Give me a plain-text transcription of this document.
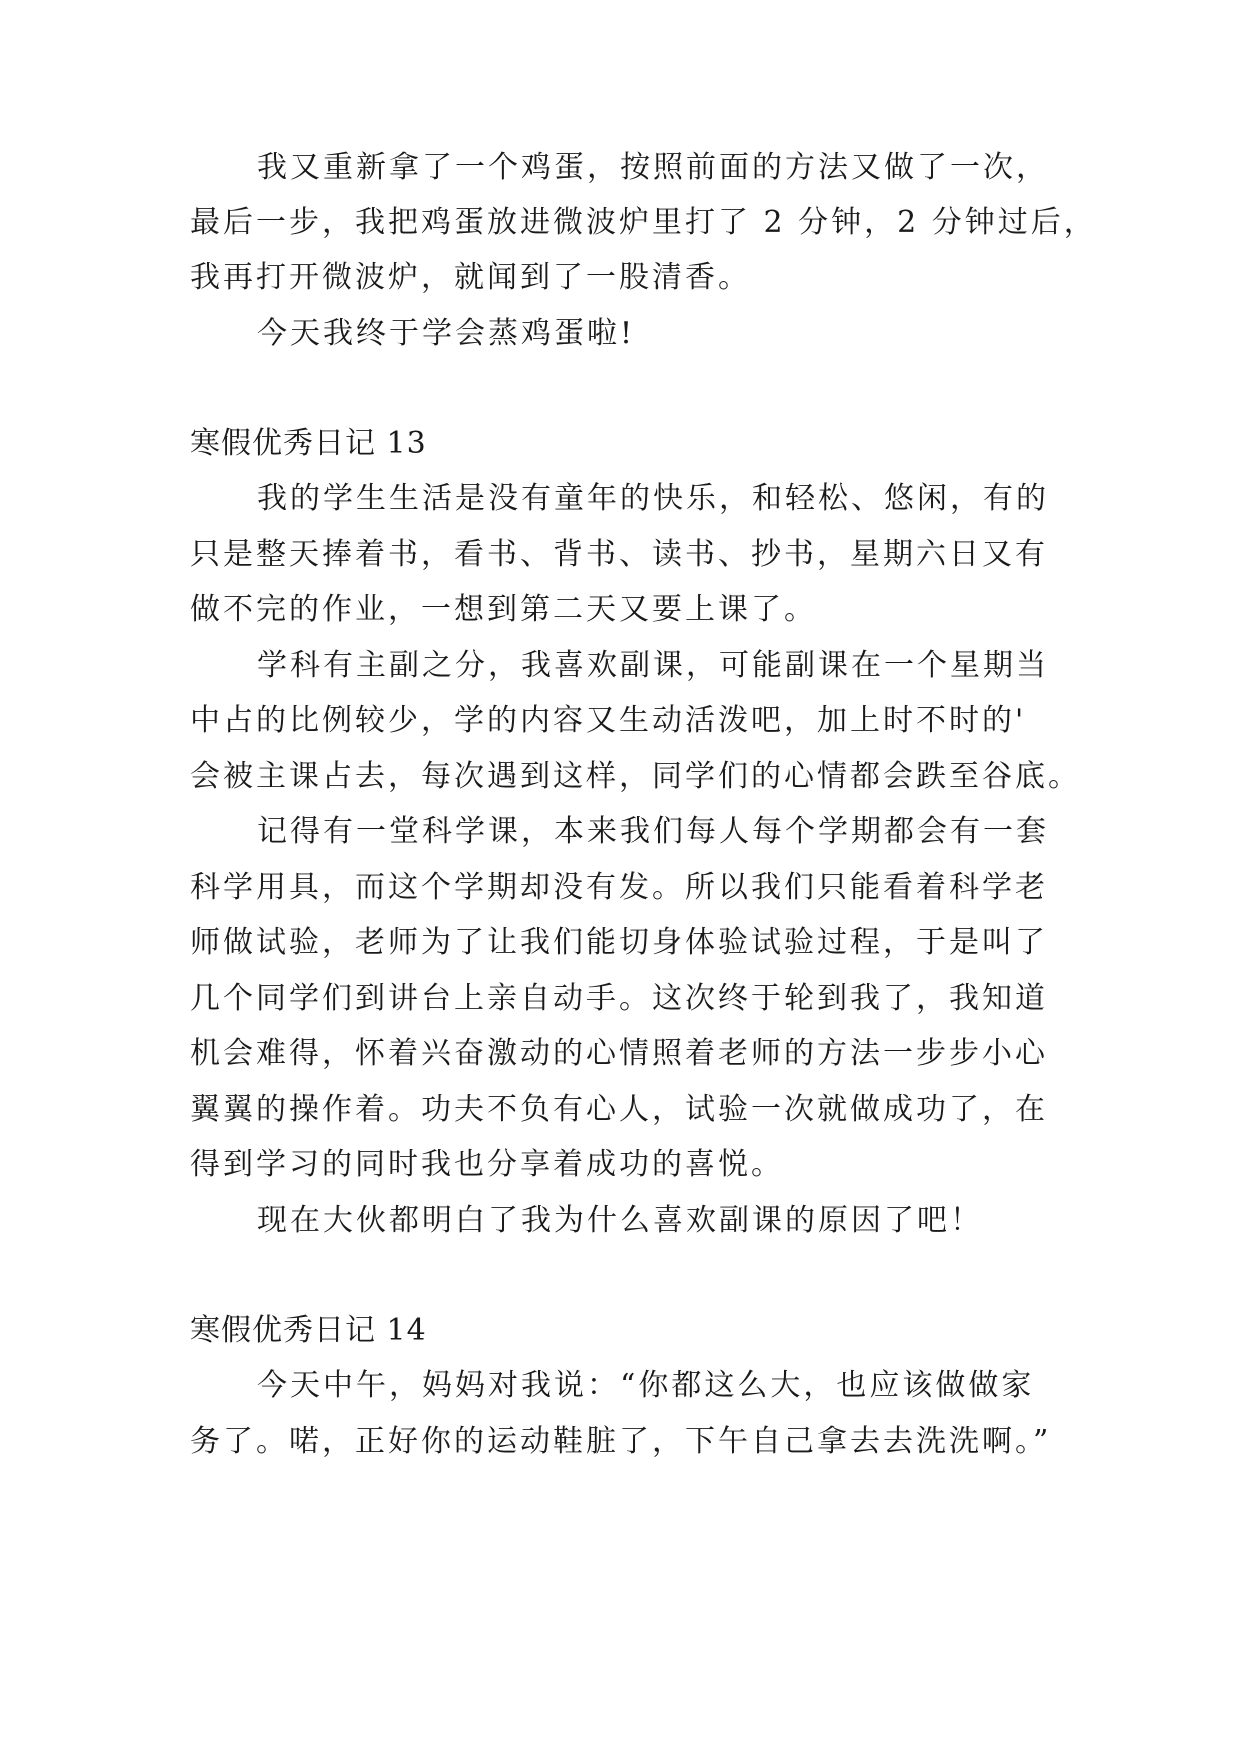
我又重新拿了一个鸡蛋，按照前面的方法又做了一次，
最后一步，我把鸡蛋放进微波炉里打了 2 分钟，2 分钟过后，
我再打开微波炉，就闻到了一股清香。
今天我终于学会蒸鸡蛋啦!
寒假优秀日记 13
我的学生生活是没有童年的快乐，和轻松、悠闲，有的
只是整天捧着书，看书、背书、读书、抄书，星期六日又有
做不完的作业，一想到第二天又要上课了。
学科有主副之分，我喜欢副课，可能副课在一个星期当
中占的比例较少，学的内容又生动活泼吧，加上时不时的'
会被主课占去，每次遇到这样，同学们的心情都会跌至谷底。
记得有一堂科学课，本来我们每人每个学期都会有一套
科学用具，而这个学期却没有发。所以我们只能看着科学老
师做试验，老师为了让我们能切身体验试验过程，于是叫了
几个同学们到讲台上亲自动手。这次终于轮到我了，我知道
机会难得，怀着兴奋激动的心情照着老师的方法一步步小心
翼翼的操作着。功夫不负有心人，试验一次就做成功了，在
得到学习的同时我也分享着成功的喜悦。
现在大伙都明白了我为什么喜欢副课的原因了吧！
寒假优秀日记 14
今天中午，妈妈对我说：“你都这么大，也应该做做家
务了。喏，正好你的运动鞋脏了，下午自己拿去去洗洗啊。”
